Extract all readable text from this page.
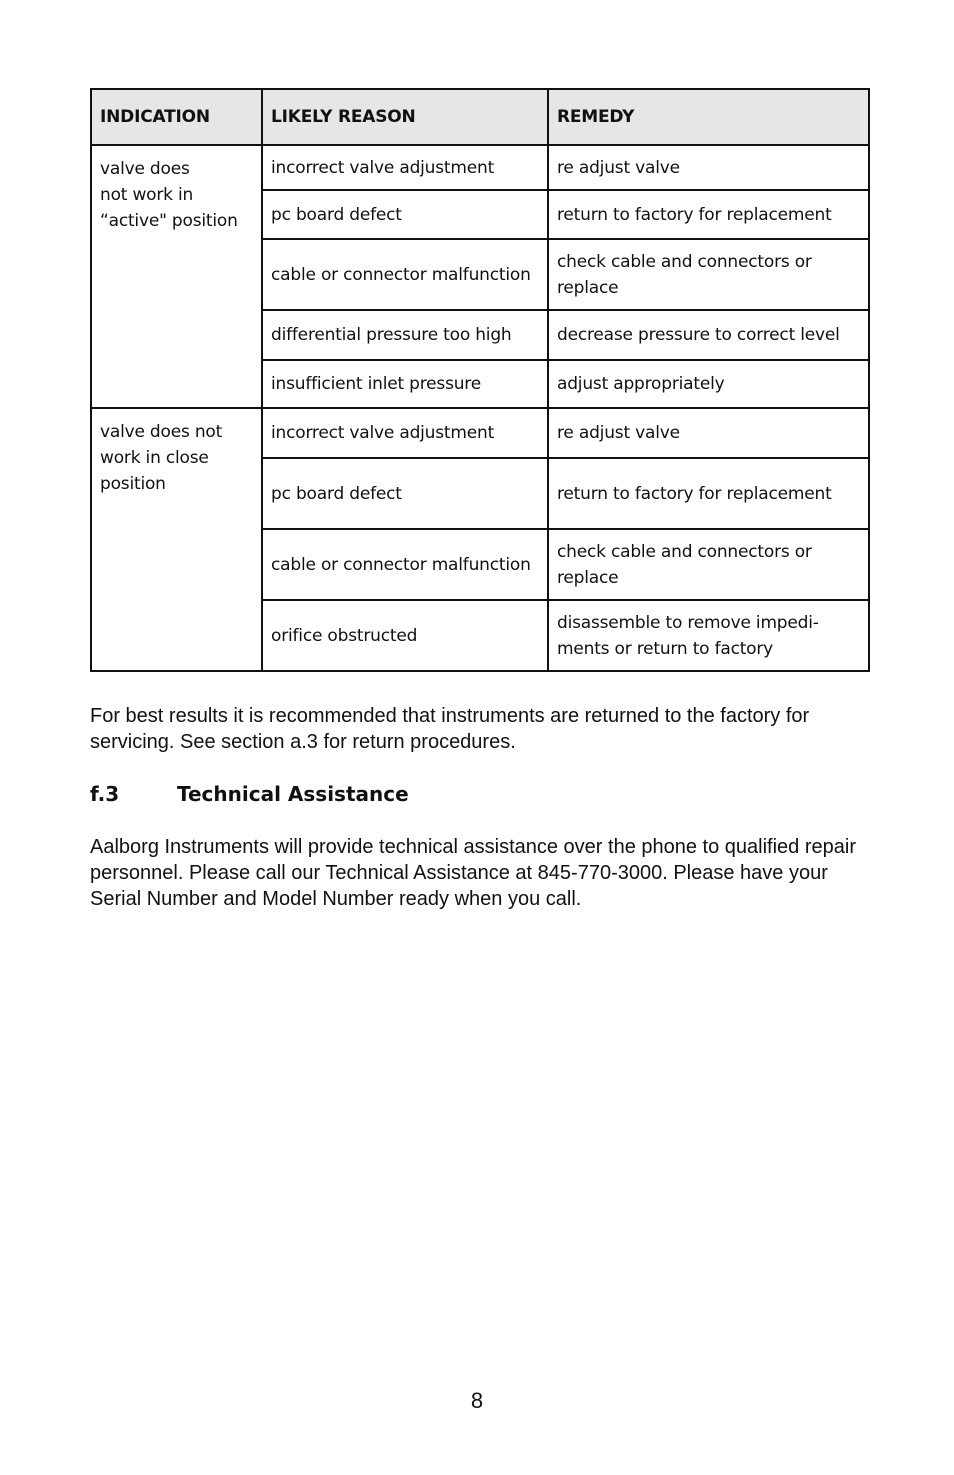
INDICATION	LIKELY REASON	REMEDY
valve does
not work in
“active" position	incorrect valve adjustment	re adjust valve
	pc board defect	return to factory for replacement
	cable or connector malfunction	check cable and connectors or replace
	differential pressure too high	decrease pressure to correct level
	insufficient inlet pressure	adjust appropriately
valve does not
work in close
position	incorrect valve adjustment	re adjust valve
	pc board defect	return to factory for replacement
	cable or connector malfunction	check cable and connectors or replace
	orifice obstructed	disassemble to remove impedi-
ments or return to factory

For best results it is recommended that instruments are returned to the factory for servicing. See section a.3 for return procedures.

f.3	Technical Assistance

Aalborg Instruments will provide technical assistance over the phone to qualified repair personnel. Please call our Technical Assistance at 845-770-3000. Please have your Serial Number and Model Number ready when you call.

8
